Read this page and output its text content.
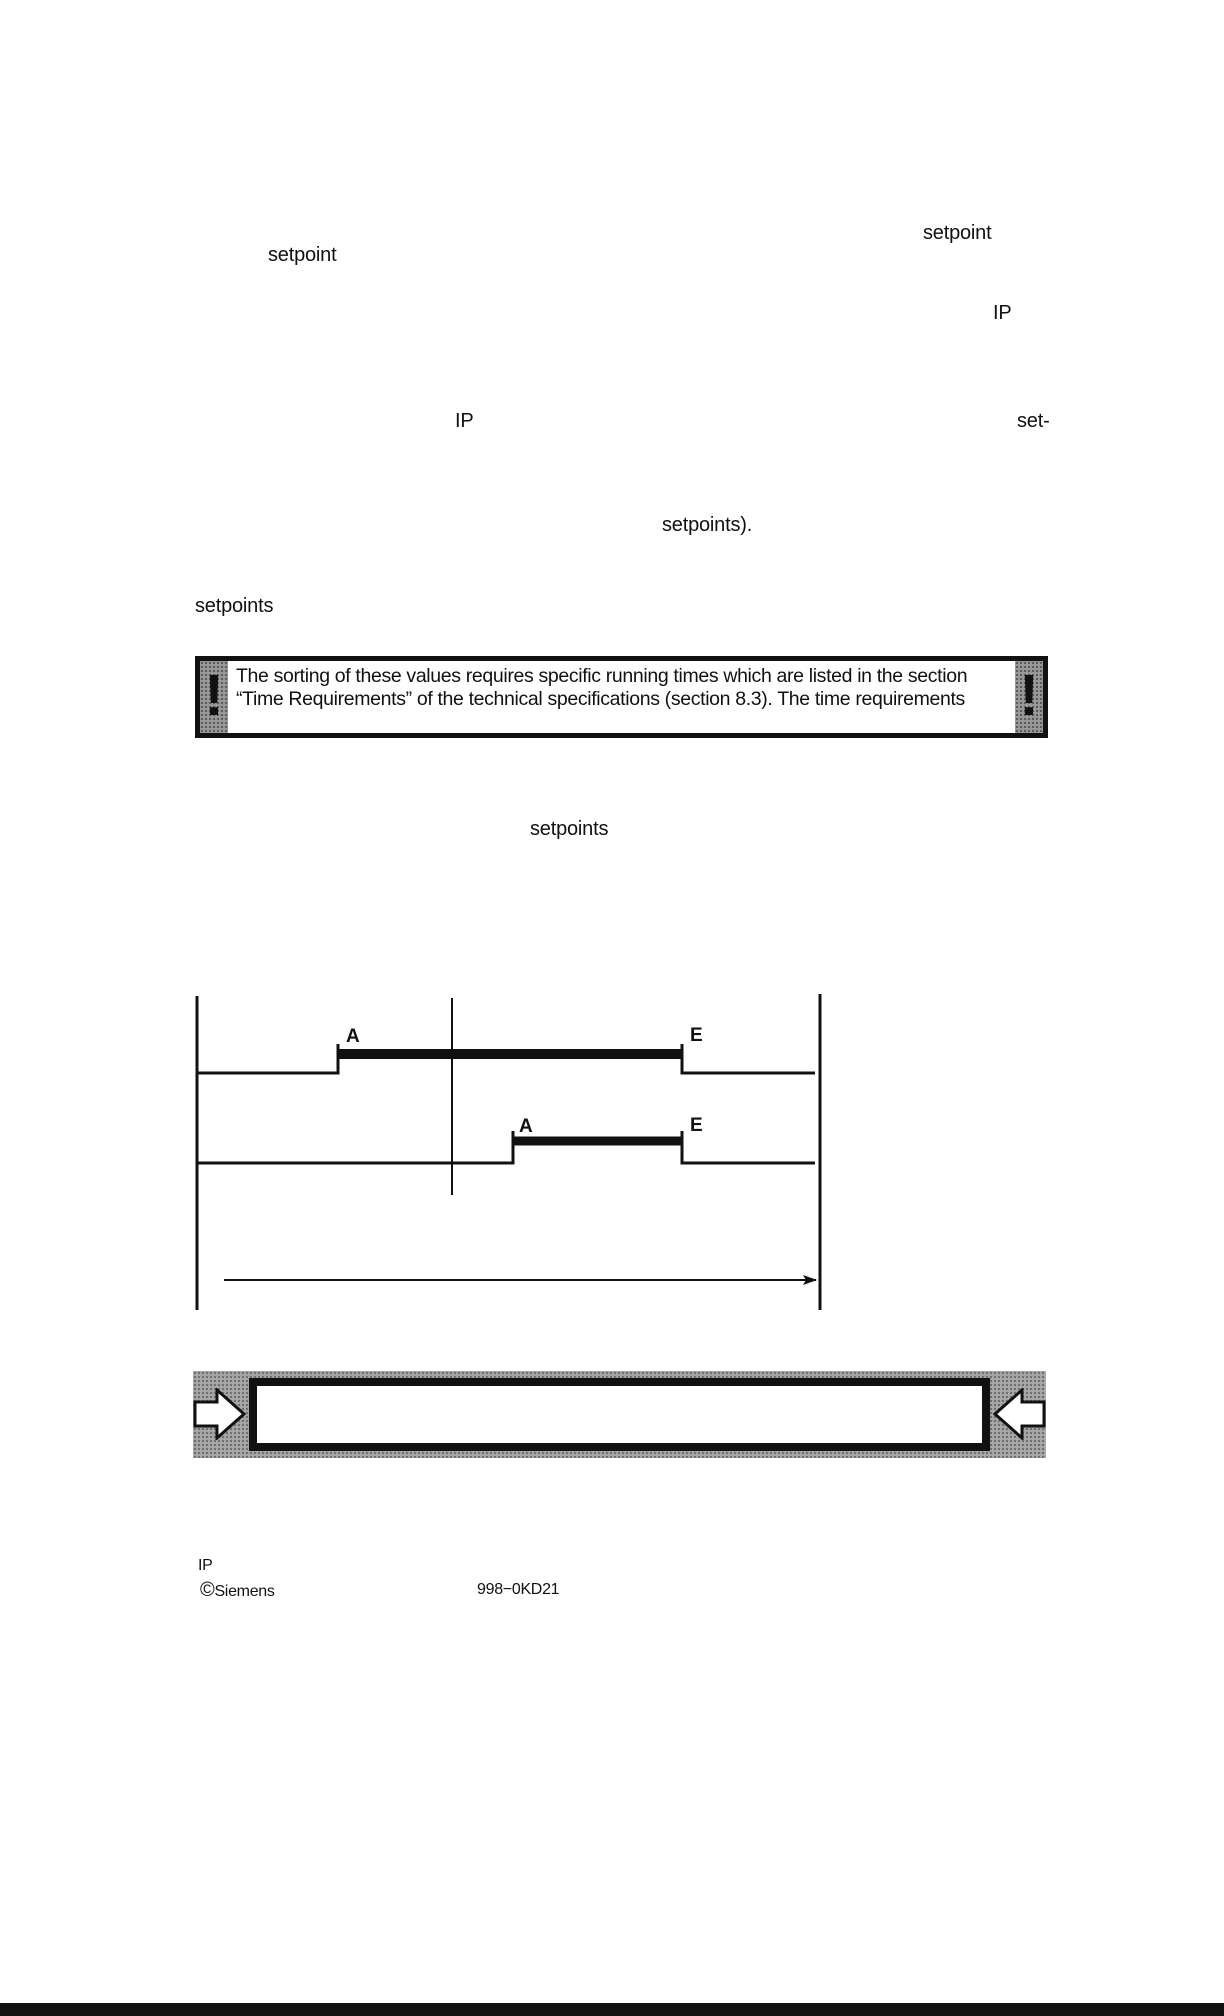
setpoint
setpoint
IP
IP	set-
setpoints).
setpoints
! The sorting of these values requires specific running times which are listed in the section
“Time Requirements” of the technical specifications (section 8.3). The time requirements !
setpoints
A	E
A	E
IP
©Siemens	998−0KD21
